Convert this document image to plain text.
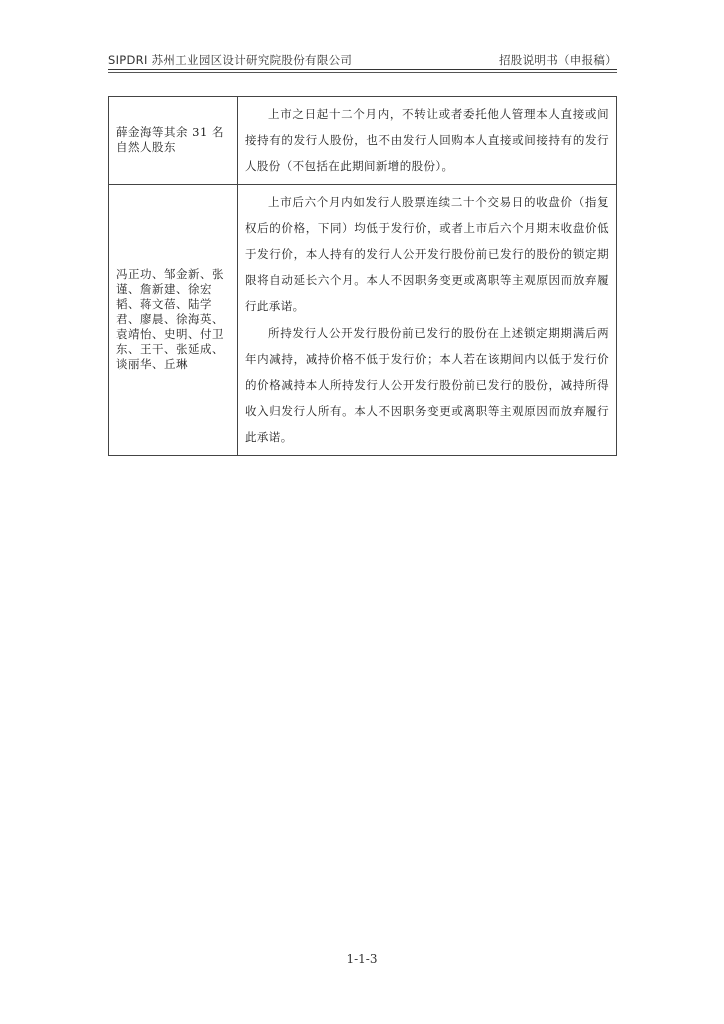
SIPDRI 苏州工业园区设计研究院股份有限公司	招股说明书（申报稿）
薛金海等其余 31 名自然人股东	上市之日起十二个月内，不转让或者委托他人管理本人直接或间接持有的发行人股份，也不由发行人回购本人直接或间接持有的发行人股份（不包括在此期间新增的股份）。

冯正功、邹金新、张谨、詹新建、徐宏韬、蒋文蓓、陆学君、廖晨、徐海英、袁靖怡、史明、付卫东、王干、张延成、谈丽华、丘琳	上市后六个月内如发行人股票连续二十个交易日的收盘价（指复权后的价格，下同）均低于发行价，或者上市后六个月期末收盘价低于发行价，本人持有的发行人公开发行股份前已发行的股份的锁定期限将自动延长六个月。本人不因职务变更或离职等主观原因而放弃履行此承诺。
所持发行人公开发行股份前已发行的股份在上述锁定期期满后两年内减持，减持价格不低于发行价；本人若在该期间内以低于发行价的价格减持本人所持发行人公开发行股份前已发行的股份，减持所得收入归发行人所有。本人不因职务变更或离职等主观原因而放弃履行此承诺。
1-1-3
